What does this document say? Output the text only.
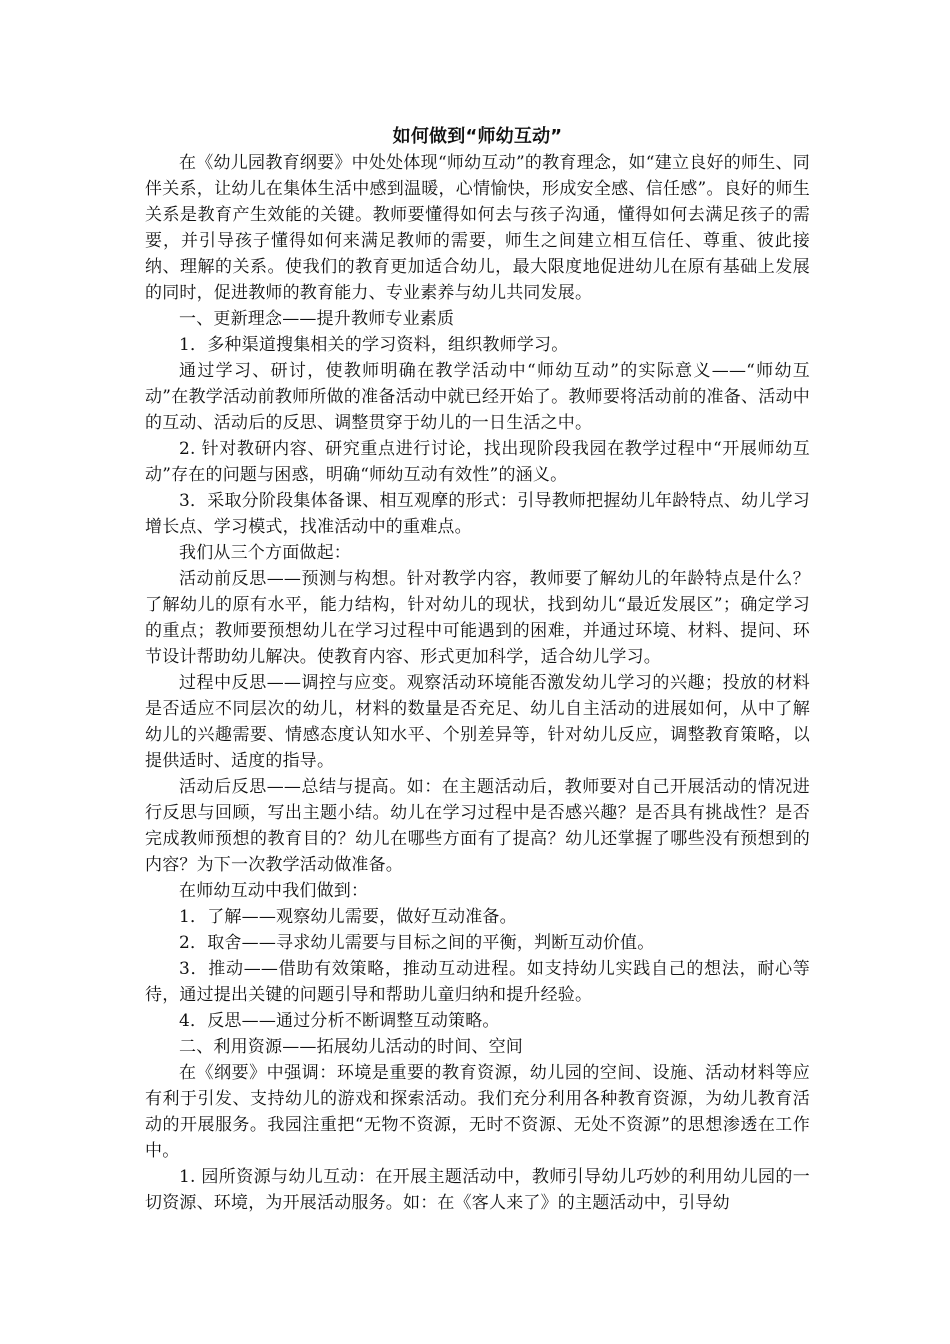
如何做到“师幼互动”

在《幼儿园教育纲要》中处处体现“师幼互动”的教育理念，如“建立良好的师生、同伴关系，让幼儿在集体生活中感到温暖，心情愉快，形成安全感、信任感”。良好的师生关系是教育产生效能的关键。教师要懂得如何去与孩子沟通，懂得如何去满足孩子的需要，并引导孩子懂得如何来满足教师的需要，师生之间建立相互信任、尊重、彼此接纳、理解的关系。使我们的教育更加适合幼儿，最大限度地促进幼儿在原有基础上发展的同时，促进教师的教育能力、专业素养与幼儿共同发展。

一、更新理念——提升教师专业素质

1．多种渠道搜集相关的学习资料，组织教师学习。

通过学习、研讨，使教师明确在教学活动中“师幼互动”的实际意义——“师幼互动”在教学活动前教师所做的准备活动中就已经开始了。教师要将活动前的准备、活动中的互动、活动后的反思、调整贯穿于幼儿的一日生活之中。

2. 针对教研内容、研究重点进行讨论，找出现阶段我园在教学过程中“开展师幼互动”存在的问题与困惑，明确“师幼互动有效性”的涵义。

3．采取分阶段集体备课、相互观摩的形式：引导教师把握幼儿年龄特点、幼儿学习增长点、学习模式，找准活动中的重难点。

我们从三个方面做起：

活动前反思——预测与构想。针对教学内容，教师要了解幼儿的年龄特点是什么？了解幼儿的原有水平，能力结构，针对幼儿的现状，找到幼儿“最近发展区”；确定学习的重点；教师要预想幼儿在学习过程中可能遇到的困难，并通过环境、材料、提问、环节设计帮助幼儿解决。使教育内容、形式更加科学，适合幼儿学习。

过程中反思——调控与应变。观察活动环境能否激发幼儿学习的兴趣；投放的材料是否适应不同层次的幼儿，材料的数量是否充足、幼儿自主活动的进展如何，从中了解幼儿的兴趣需要、情感态度认知水平、个别差异等，针对幼儿反应，调整教育策略，以提供适时、适度的指导。

活动后反思——总结与提高。如：在主题活动后，教师要对自己开展活动的情况进行反思与回顾，写出主题小结。幼儿在学习过程中是否感兴趣？是否具有挑战性？是否完成教师预想的教育目的？幼儿在哪些方面有了提高？幼儿还掌握了哪些没有预想到的内容？为下一次教学活动做准备。

在师幼互动中我们做到：

1．了解——观察幼儿需要，做好互动准备。

2．取舍——寻求幼儿需要与目标之间的平衡，判断互动价值。

3．推动——借助有效策略，推动互动进程。如支持幼儿实践自己的想法，耐心等待，通过提出关键的问题引导和帮助儿童归纳和提升经验。

4．反思——通过分析不断调整互动策略。

二、利用资源——拓展幼儿活动的时间、空间

在《纲要》中强调：环境是重要的教育资源，幼儿园的空间、设施、活动材料等应有利于引发、支持幼儿的游戏和探索活动。我们充分利用各种教育资源，为幼儿教育活动的开展服务。我园注重把“无物不资源，无时不资源、无处不资源”的思想渗透在工作中。

1. 园所资源与幼儿互动：在开展主题活动中，教师引导幼儿巧妙的利用幼儿园的一切资源、环境，为开展活动服务。如：在《客人来了》的主题活动中，引导幼
